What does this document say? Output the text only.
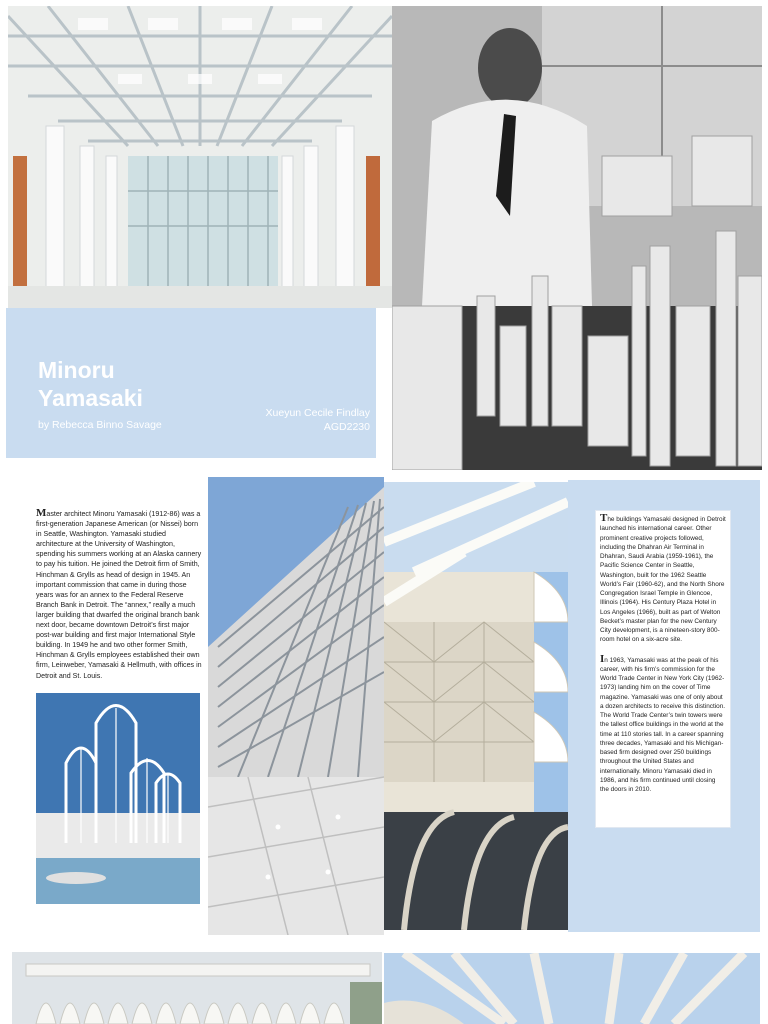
Minoru Yamasaki
by Rebecca Binno Savage
Xueyun Cecile Findlay
AGD2230
Master architect Minoru Yamasaki (1912-86) was a first-generation Japanese American (or Nissei) born in Seattle, Washington. Yamasaki studied architecture at the University of Washington, spending his summers working at an Alaska cannery to pay his tuition. He joined the Detroit firm of Smith, Hinchman & Grylls as head of design in 1945. An important commission that came in during those years was for an annex to the Federal Reserve Branch Bank in Detroit. The “annex,” really a much larger building that dwarfed the original branch bank next door, became downtown Detroit’s first major post-war building and first major International Style building. In 1949 he and two other former Smith, Hinchman & Grylls employees established their own firm, Leinweber, Yamasaki & Hellmuth, with offices in Detroit and St. Louis.

The buildings Yamasaki designed in Detroit launched his international career. Other prominent creative projects followed, including the Dhahran Air Terminal in Dhahran, Saudi Arabia (1959-1961), the Pacific Science Center in Seattle, Washington, built for the 1962 Seattle World’s Fair (1960-62), and the North Shore Congregation Israel Temple in Glencoe, Illinois (1964). His Century Plaza Hotel in Los Angeles (1966), built as part of Welton Becket’s master plan for the new Century City development, is a nineteen-story 800-room hotel on a six-acre site.

In 1963, Yamasaki was at the peak of his career, with his firm’s commission for the World Trade Center in New York City (1962-1973) landing him on the cover of Time magazine. Yamasaki was one of only about a dozen architects to receive this distinction. The World Trade Center’s twin towers were the tallest office buildings in the world at the time at 110 stories tall. In a career spanning three decades, Yamasaki and his Michigan-based firm designed over 250 buildings throughout the United States and internationally. Minoru Yamasaki died in 1986, and his firm continued until closing the doors in 2010.
